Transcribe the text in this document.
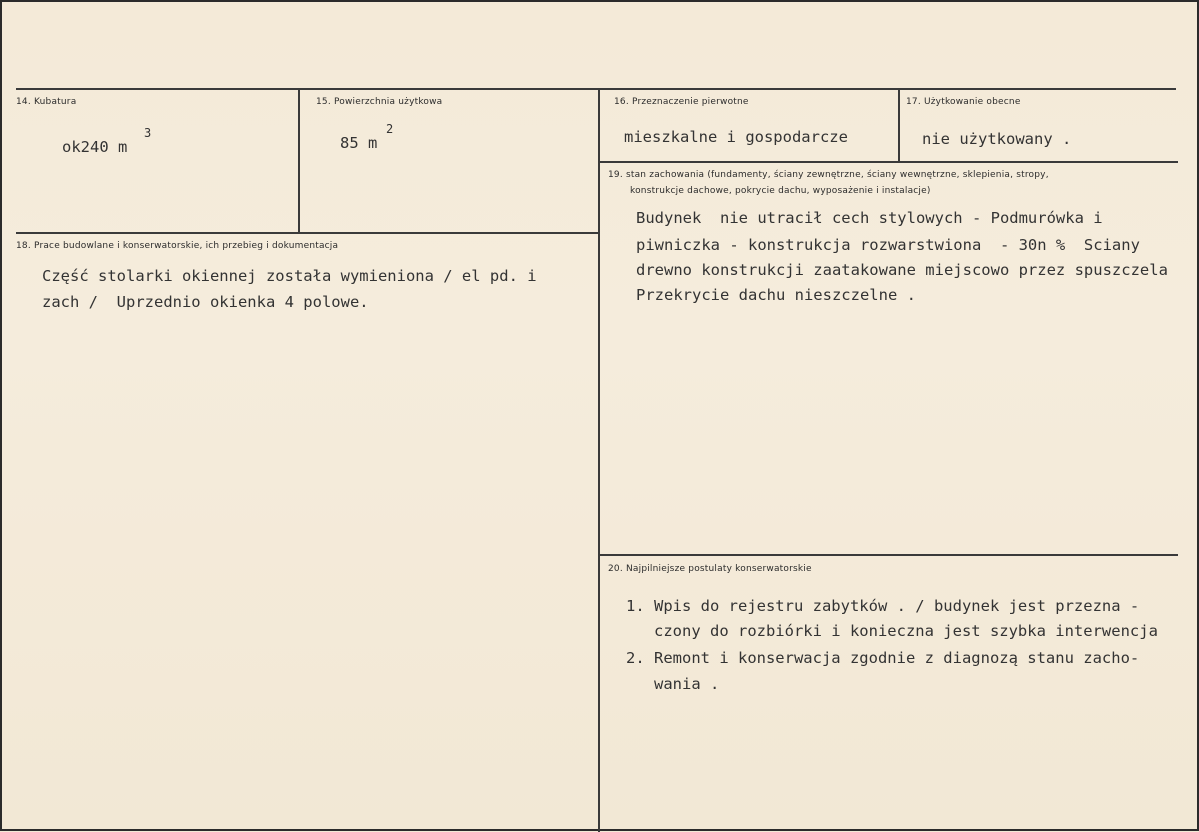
14. Kubatura
ok240 m
3
15. Powierzchnia użytkowa
85 m
2
16. Przeznaczenie pierwotne
mieszkalne i gospodarcze
17. Użytkowanie obecne
nie użytkowany .
18. Prace budowlane i konserwatorskie, ich przebieg i dokumentacja
Część stolarki okiennej została wymieniona / el pd. i
zach /  Uprzednio okienka 4 polowe.
19. stan zachowania (fundamenty, ściany zewnętrzne, ściany wewnętrzne, sklepienia, stropy,
konstrukcje dachowe, pokrycie dachu, wyposażenie i instalacje)
Budynek  nie utracił cech stylowych - Podmurówka i
piwniczka - konstrukcja rozwarstwiona  - 30n %  Sciany
drewno konstrukcji zaatakowane miejscowo przez spuszczela
Przekrycie dachu nieszczelne .
20. Najpilniejsze postulaty konserwatorskie
1. Wpis do rejestru zabytków . / budynek jest przezna -
czony do rozbiórki i konieczna jest szybka interwencja
2. Remont i konserwacja zgodnie z diagnozą stanu zacho-
wania .
